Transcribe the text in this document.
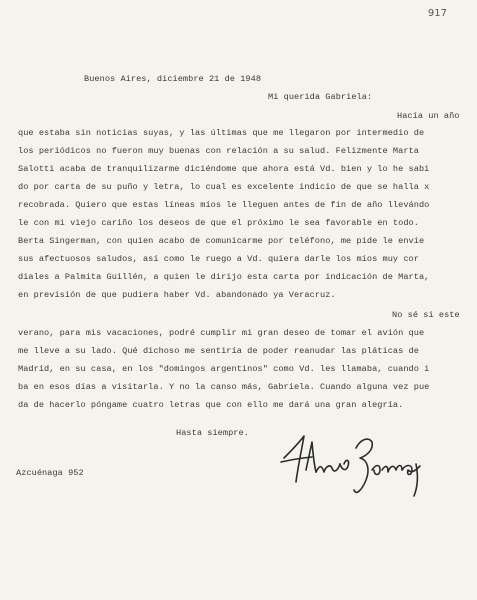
917
Buenos Aires, diciembre 21 de 1948
Mi querida Gabriela:
Hacía un año
que estaba sin noticias suyas, y las últimas que me llegaron por intermedio de
los periódicos no fueron muy buenas con relación a su salud. Felizmente Marta
Salotti acaba de tranquilizarme diciéndome que ahora está Vd. bien y lo he sabi
do por carta de su puño y letra, lo cual es excelente indicio de que se halla x
recobrada. Quiero que estas líneas míos le lleguen antes de fin de año llevándo
le con mi viejo cariño los deseos de que el próximo le sea favorable en todo.
Berta Singerman, con quien acabo de comunicarme por teléfono, me pide le envíe
sus afectuosos saludos, así como le ruego a Vd. quiera darle los míos muy cor
diales a Palmita Guillén, a quien le dirijo esta carta por indicación de Marta,
en previsión de que pudiera haber Vd. abandonado ya Veracruz.
No sé si este
verano, para mis vacaciones, podré cumplir mi gran deseo de tomar el avión que
me lleve a su lado. Qué dichoso me sentiría de poder reanudar las pláticas de
Madrid, en su casa, en los "domingos argentinos" como Vd. les llamaba, cuando i
ba en esos días a visitarla. Y no la canso más, Gabriela. Cuando alguna vez pue
da de hacerlo póngame cuatro letras que con ello me dará una gran alegría.
Hasta siempre.
Azcuénaga 952
